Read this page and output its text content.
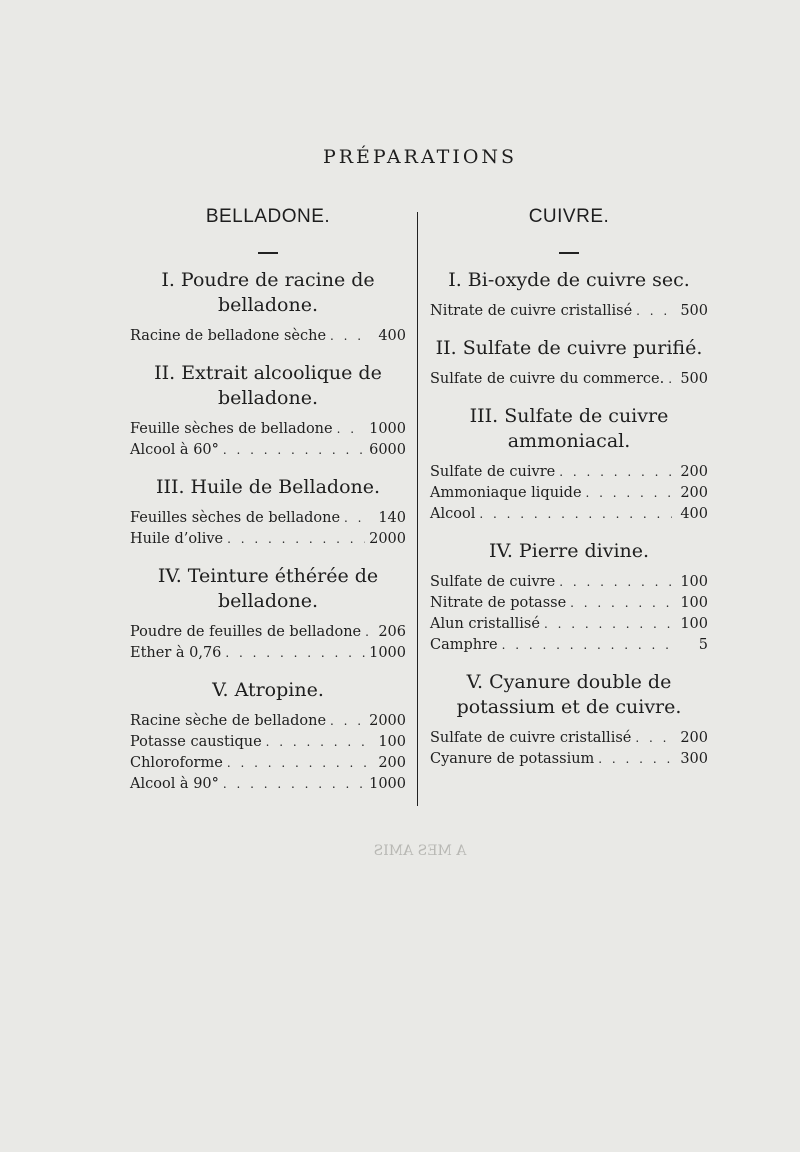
PRÉPARATIONS
BELLADONE.
I. Poudre de racine de belladone.
Racine de belladone sèche . . .	400
II. Extrait alcoolique de belladone.
Feuille sèches de belladone . . .	1000
Alcool à 60° . . .	6000
III. Huile de Belladone.
Feuilles sèches de belladone . . .	140
Huile d’olive . . .	2000
IV. Teinture éthérée de belladone.
Poudre de feuilles de belladone . . . 206
Ether à 0,76 . . .	1000
V. Atropine.
Racine sèche de belladone . . .	2000
Potasse caustique . . .	100
Chloroforme . . .	200
Alcool à 90° . . .	1000
CUIVRE.
I. Bi-oxyde de cuivre sec.
Nitrate de cuivre cristallisé . . .	500
II. Sulfate de cuivre purifié.
Sulfate de cuivre du commerce. . . . 500
III. Sulfate de cuivre ammoniacal.
Sulfate de cuivre . . .	200
Ammoniaque liquide . . .	200
Alcool . . .	400
IV. Pierre divine.
Sulfate de cuivre . . .	100
Nitrate de potasse . . .	100
Alun cristallisé . . .	100
Camphre . . .	5
V. Cyanure double de potassium et de cuivre.
Sulfate de cuivre cristallisé . . .	200
Cyanure de potassium . . .	300
A MES AMIS
